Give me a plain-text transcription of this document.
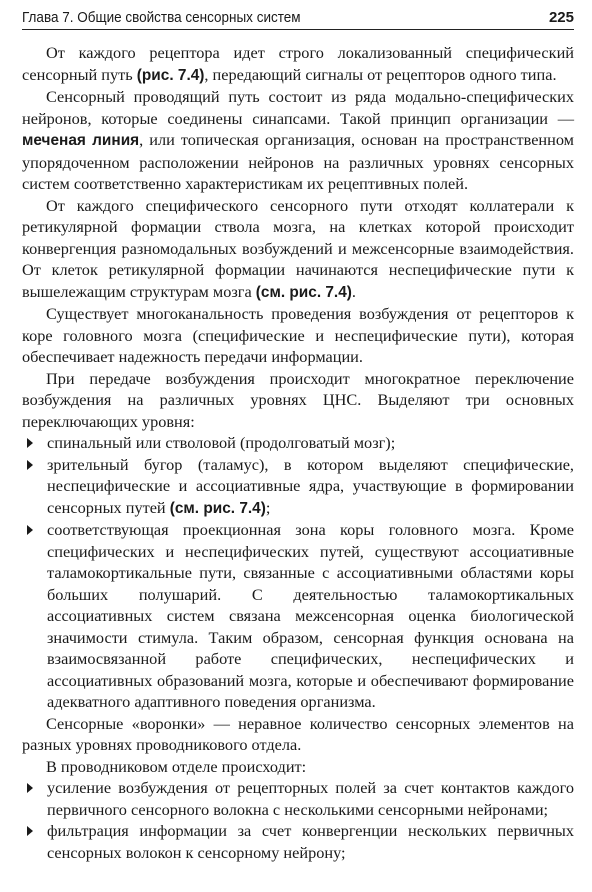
Глава 7. Общие свойства сенсорных систем	225

От каждого рецептора идет строго локализованный специфический сенсорный путь (рис. 7.4), передающий сигналы от рецепторов одного типа.

Сенсорный проводящий путь состоит из ряда модально-специфических нейронов, которые соединены синапсами. Такой принцип организации — меченая линия, или топическая организация, основан на пространственном упорядоченном расположении нейронов на различных уровнях сенсорных систем соответственно характеристикам их рецептивных полей.

От каждого специфического сенсорного пути отходят коллатерали к ретикулярной формации ствола мозга, на клетках которой происходит конвергенция разномодальных возбуждений и межсенсорные взаимодействия. От клеток ретикулярной формации начинаются неспецифические пути к вышележащим структурам мозга (см. рис. 7.4).

Существует многоканальность проведения возбуждения от рецепторов к коре головного мозга (специфические и неспецифические пути), которая обеспечивает надежность передачи информации.

При передаче возбуждения происходит многократное переключение возбуждения на различных уровнях ЦНС. Выделяют три основных переключающих уровня:

спинальный или стволовой (продолговатый мозг);
зрительный бугор (таламус), в котором выделяют специфические, неспецифические и ассоциативные ядра, участвующие в формировании сенсорных путей (см. рис. 7.4);
соответствующая проекционная зона коры головного мозга. Кроме специфических и неспецифических путей, существуют ассоциативные таламокортикальные пути, связанные с ассоциативными областями коры больших полушарий. С деятельностью таламокортикальных ассоциативных систем связана межсенсорная оценка биологической значимости стимула. Таким образом, сенсорная функция основана на взаимосвязанной работе специфических, неспецифических и ассоциативных образований мозга, которые и обеспечивают формирование адекватного адаптивного поведения организма.

Сенсорные «воронки» — неравное количество сенсорных элементов на разных уровнях проводникового отдела.

В проводниковом отделе происходит:

усиление возбуждения от рецепторных полей за счет контактов каждого первичного сенсорного волокна с несколькими сенсорными нейронами;
фильтрация информации за счет конвергенции нескольких первичных сенсорных волокон к сенсорному нейрону;
